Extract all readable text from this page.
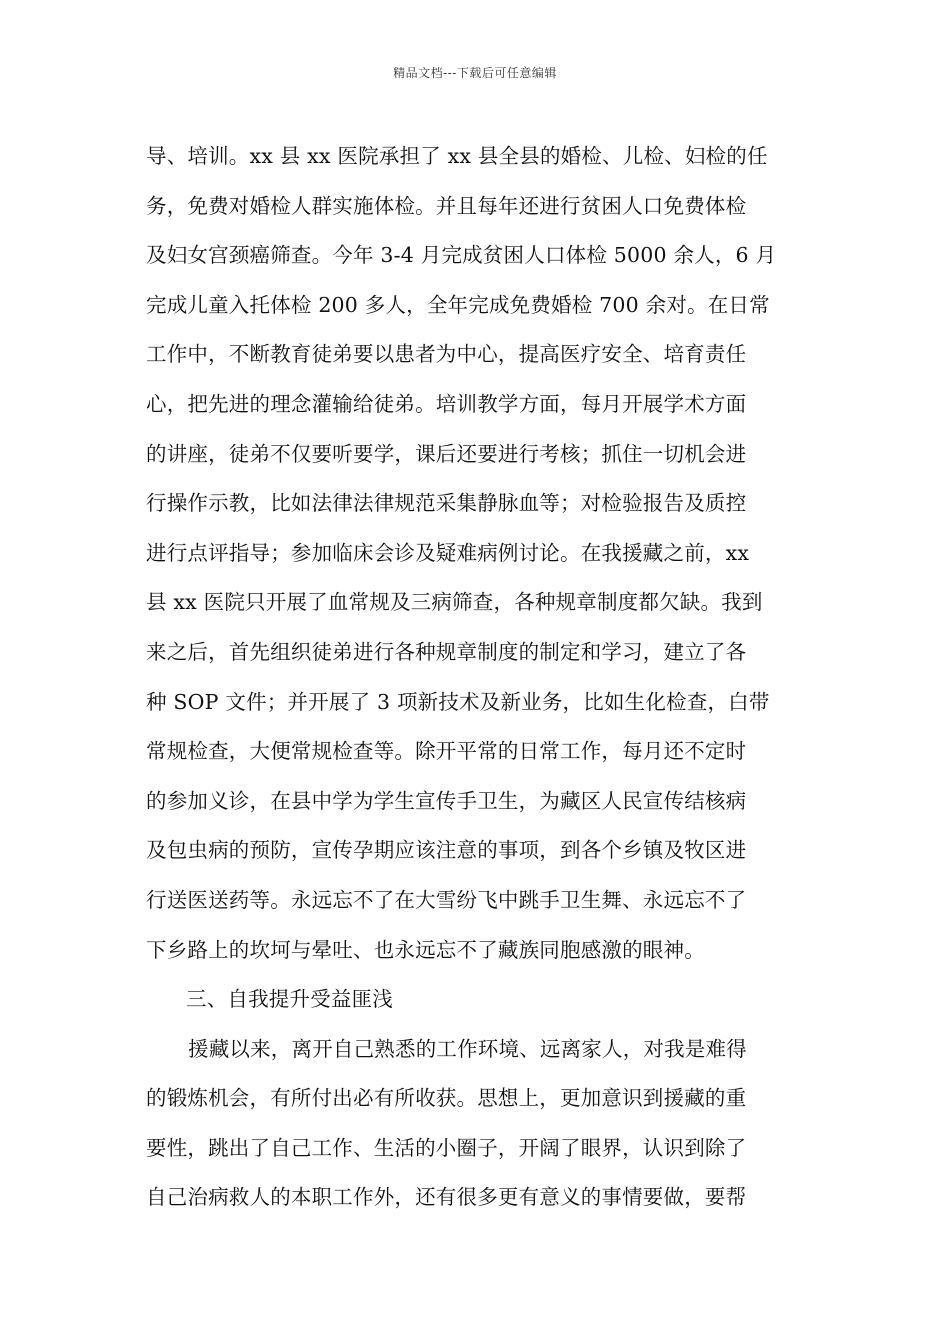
精品文档---下载后可任意编辑
导、培训。xx 县 xx 医院承担了 xx 县全县的婚检、儿检、妇检的任
务，免费对婚检人群实施体检。并且每年还进行贫困人口免费体检
及妇女宫颈癌筛查。今年 3-4 月完成贫困人口体检 5000 余人，6 月
完成儿童入托体检 200 多人，全年完成免费婚检 700 余对。在日常
工作中，不断教育徒弟要以患者为中心，提高医疗安全、培育责任
心，把先进的理念灌输给徒弟。培训教学方面，每月开展学术方面
的讲座，徒弟不仅要听要学，课后还要进行考核；抓住一切机会进
行操作示教，比如法律法律规范采集静脉血等；对检验报告及质控
进行点评指导；参加临床会诊及疑难病例讨论。在我援藏之前，xx
县 xx 医院只开展了血常规及三病筛查，各种规章制度都欠缺。我到
来之后，首先组织徒弟进行各种规章制度的制定和学习，建立了各
种 SOP 文件；并开展了 3 项新技术及新业务，比如生化检查，白带
常规检查，大便常规检查等。除开平常的日常工作，每月还不定时
的参加义诊，在县中学为学生宣传手卫生，为藏区人民宣传结核病
及包虫病的预防，宣传孕期应该注意的事项，到各个乡镇及牧区进
行送医送药等。永远忘不了在大雪纷飞中跳手卫生舞、永远忘不了
下乡路上的坎坷与晕吐、也永远忘不了藏族同胞感激的眼神。
三、自我提升受益匪浅
援藏以来，离开自己熟悉的工作环境、远离家人，对我是难得
的锻炼机会，有所付出必有所收获。思想上，更加意识到援藏的重
要性，跳出了自己工作、生活的小圈子，开阔了眼界，认识到除了
自己治病救人的本职工作外，还有很多更有意义的事情要做，要帮
